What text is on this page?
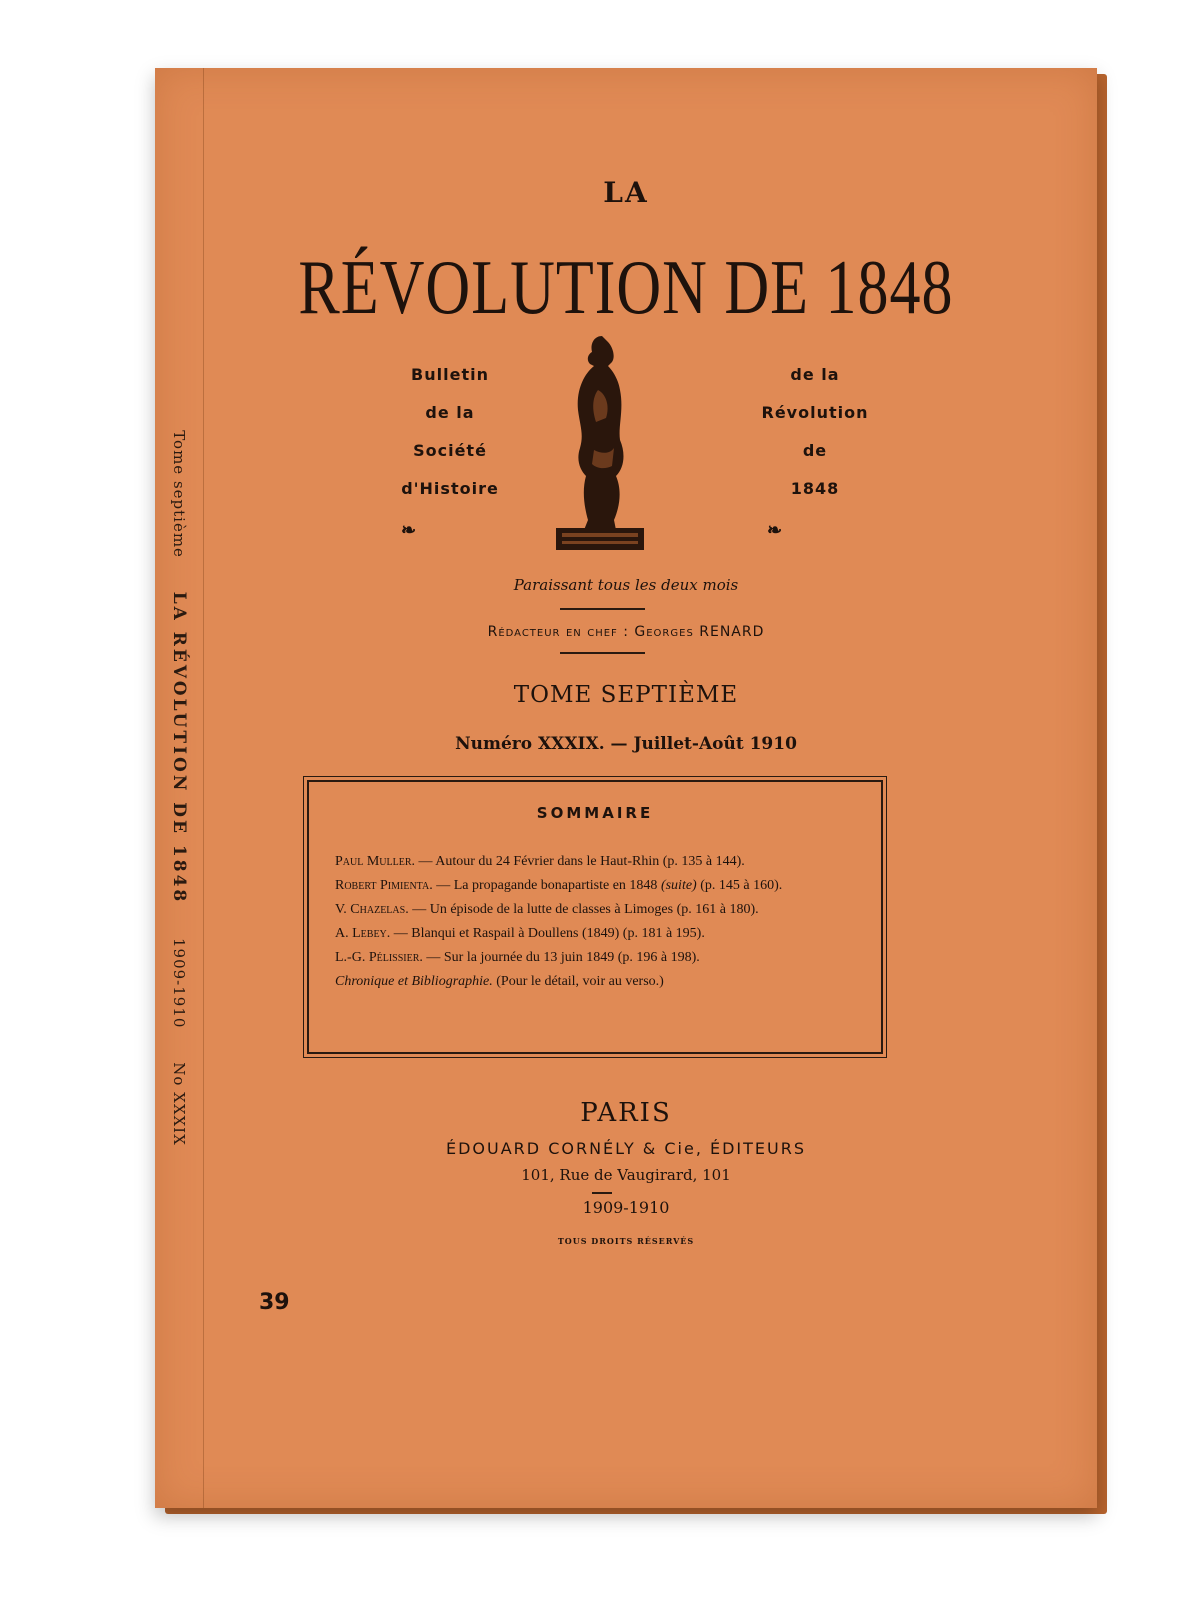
Tome septième LA RÉVOLUTION DE 1848 1909-1910 No XXXIX
LA
RÉVOLUTION DE 1848
Bulletin
de la
Société
d'Histoire
de la
Révolution
de
1848
❧	❧
Paraissant tous les deux mois
Rédacteur en chef : Georges RENARD
TOME SEPTIÈME
Numéro XXXIX. — Juillet-Août 1910
SOMMAIRE
Paul Muller. — Autour du 24 Février dans le Haut-Rhin (p. 135 à 144).
Robert Pimienta. — La propagande bonapartiste en 1848 (suite) (p. 145 à 160).
V. Chazelas. — Un épisode de la lutte de classes à Limoges (p. 161 à 180).
A. Lebey. — Blanqui et Raspail à Doullens (1849) (p. 181 à 195).
L.-G. Pélissier. — Sur la journée du 13 juin 1849 (p. 196 à 198).
Chronique et Bibliographie. (Pour le détail, voir au verso.)
PARIS
ÉDOUARD CORNÉLY & Cie, ÉDITEURS
101, Rue de Vaugirard, 101
1909-1910
TOUS DROITS RÉSERVÉS
39
